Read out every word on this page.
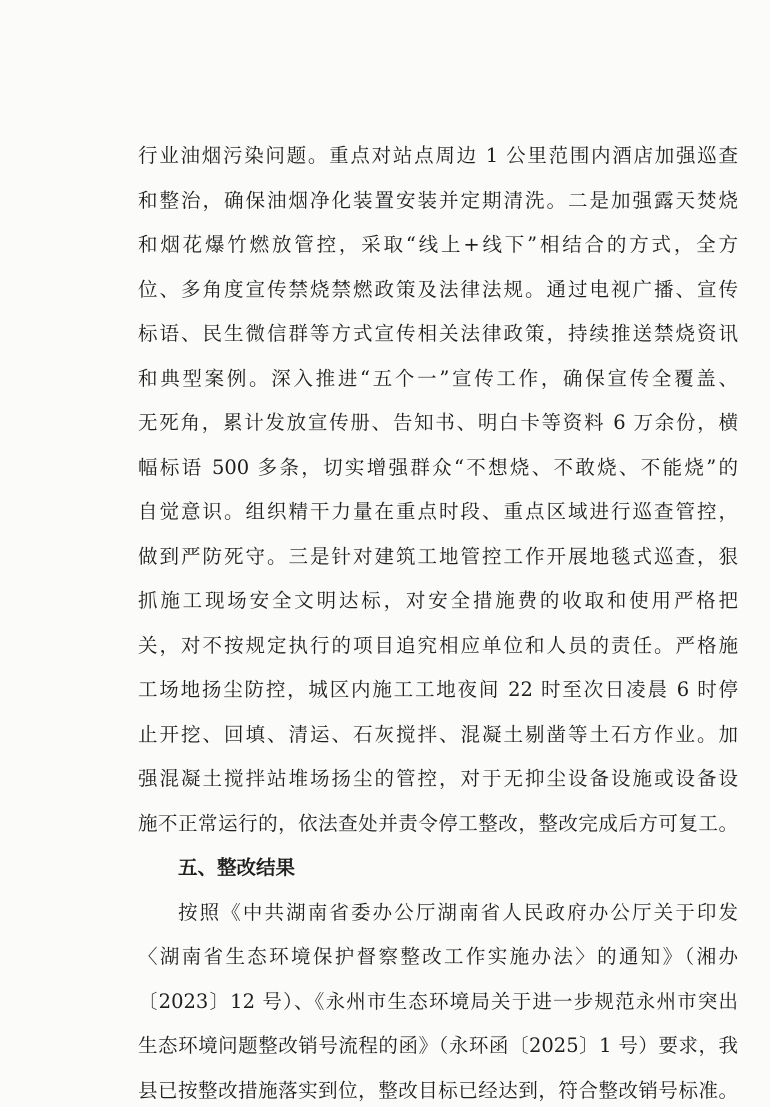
行业油烟污染问题。重点对站点周边 1 公里范围内酒店加强巡查
和整治，确保油烟净化装置安装并定期清洗。二是加强露天焚烧
和烟花爆竹燃放管控，采取“线上+线下”相结合的方式，全方
位、多角度宣传禁烧禁燃政策及法律法规。通过电视广播、宣传
标语、民生微信群等方式宣传相关法律政策，持续推送禁烧资讯
和典型案例。深入推进“五个一”宣传工作，确保宣传全覆盖、
无死角，累计发放宣传册、告知书、明白卡等资料 6 万余份，横
幅标语 500 多条，切实增强群众“不想烧、不敢烧、不能烧”的
自觉意识。组织精干力量在重点时段、重点区域进行巡查管控，
做到严防死守。三是针对建筑工地管控工作开展地毯式巡查，狠
抓施工现场安全文明达标，对安全措施费的收取和使用严格把
关，对不按规定执行的项目追究相应单位和人员的责任。严格施
工场地扬尘防控，城区内施工工地夜间 22 时至次日凌晨 6 时停
止开挖、回填、清运、石灰搅拌、混凝土剔凿等土石方作业。加
强混凝土搅拌站堆场扬尘的管控，对于无抑尘设备设施或设备设
施不正常运行的，依法查处并责令停工整改，整改完成后方可复工。
五、整改结果
按照《中共湖南省委办公厅湖南省人民政府办公厅关于印发
〈湖南省生态环境保护督察整改工作实施办法〉的通知》（湘办
〔2023〕12 号）、《永州市生态环境局关于进一步规范永州市突出
生态环境问题整改销号流程的函》（永环函〔2025〕1 号）要求，我
县已按整改措施落实到位，整改目标已经达到，符合整改销号标准。
